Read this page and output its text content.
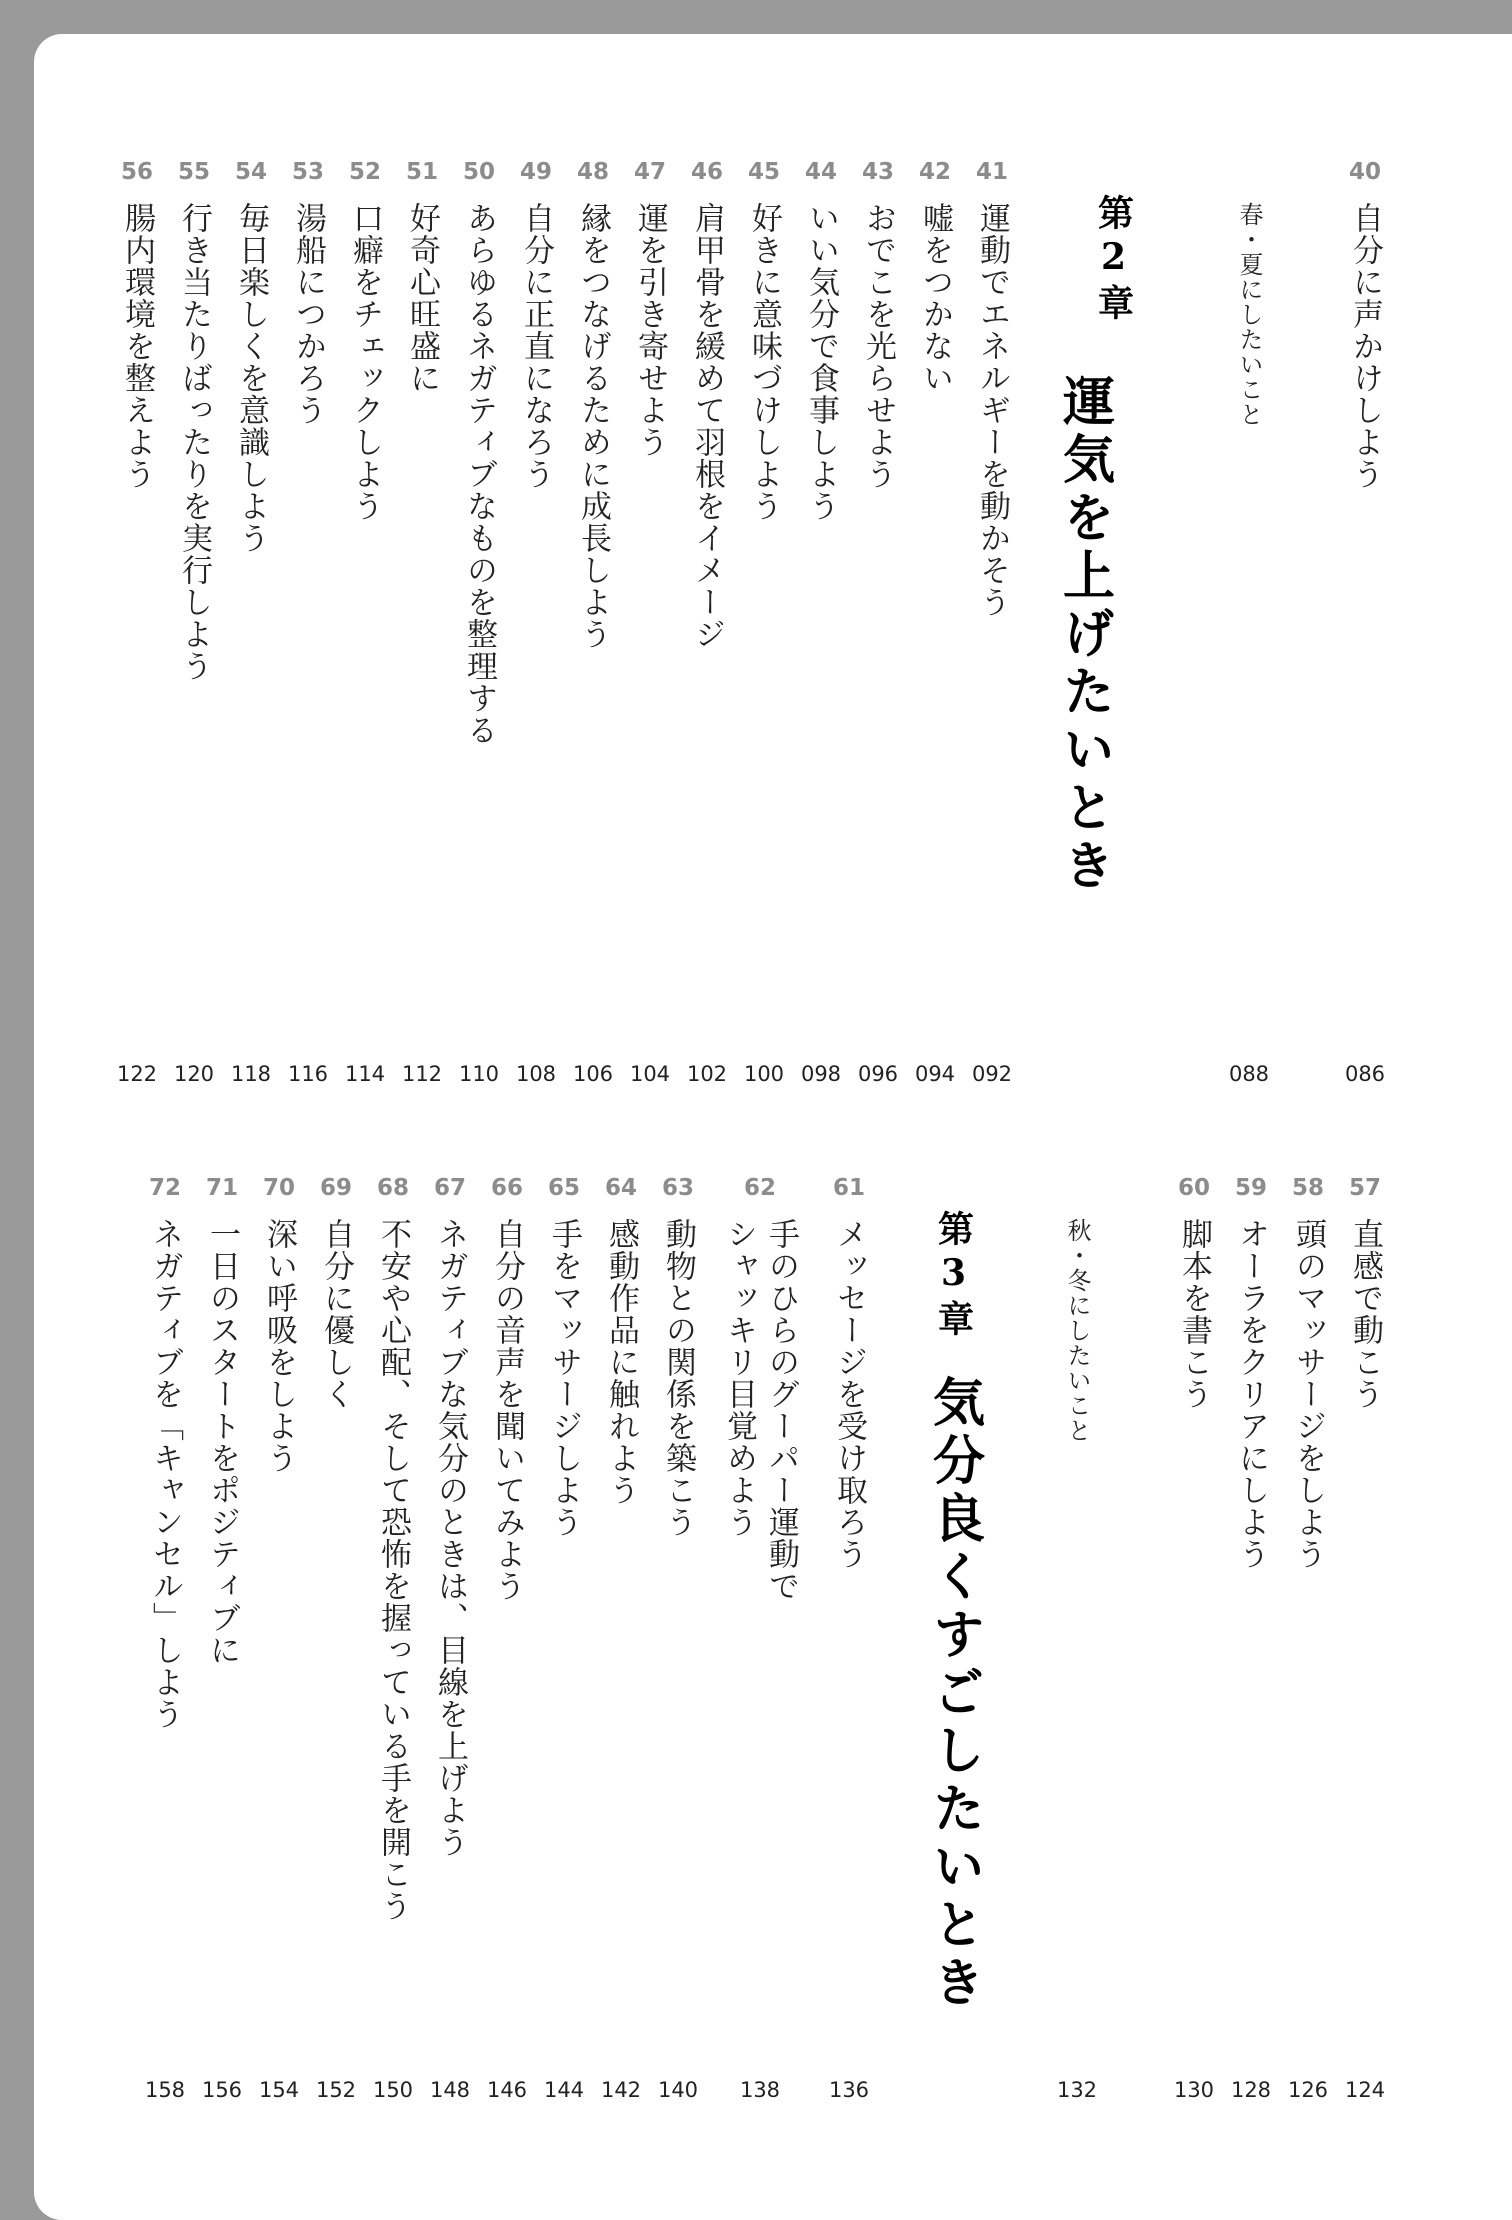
40
自分に声かけしよう
086
春・夏にしたいこと
088
第2章
運気を上げたいとき
41
運動でエネルギーを動かそう
092
42
嘘をつかない
094
43
おでこを光らせよう
096
44
いい気分で食事しよう
098
45
好きに意味づけしよう
100
46
肩甲骨を緩めて羽根をイメージ
102
47
運を引き寄せよう
104
48
縁をつなげるために成長しよう
106
49
自分に正直になろう
108
50
あらゆるネガティブなものを整理する
110
51
好奇心旺盛に
112
52
口癖をチェックしよう
114
53
湯船につかろう
116
54
毎日楽しくを意識しよう
118
55
行き当たりばったりを実行しよう
120
56
腸内環境を整えよう
122
57
直感で動こう
124
58
頭のマッサージをしよう
126
59
オーラをクリアにしよう
128
60
脚本を書こう
130
秋・冬にしたいこと
132
第3章
気分良くすごしたいとき
61
メッセージを受け取ろう
136
62
手のひらのグーパー運動で
シャッキリ目覚めよう
138
63
動物との関係を築こう
140
64
感動作品に触れよう
142
65
手をマッサージしよう
144
66
自分の音声を聞いてみよう
146
67
ネガティブな気分のときは、目線を上げよう
148
68
不安や心配、そして恐怖を握っている手を開こう
150
69
自分に優しく
152
70
深い呼吸をしよう
154
71
一日のスタートをポジティブに
156
72
ネガティブを「キャンセル」しよう
158
